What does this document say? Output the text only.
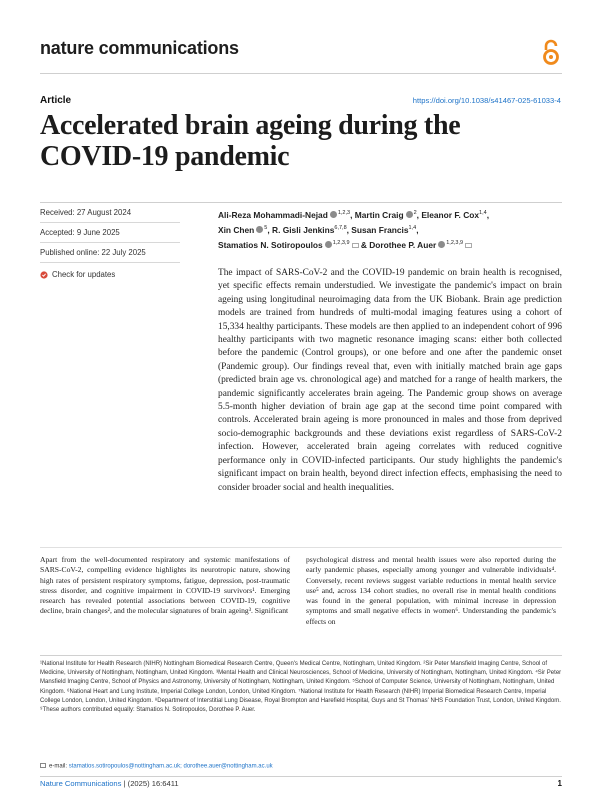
nature communications
Article	https://doi.org/10.1038/s41467-025-61033-4
Accelerated brain ageing during the COVID-19 pandemic
Received: 27 August 2024
Accepted: 9 June 2025
Published online: 22 July 2025
Check for updates
Ali-Reza Mohammadi-Nejad $^{1,2,3}$, Martin Craig $^2$, Eleanor F. Cox$^{1,4}$,
Xin Chen $^5$, R. Gisli Jenkins$^{6,7,8}$, Susan Francis$^{1,4}$,
Stamatios N. Sotiropoulos $^{1,2,3,9}$ & Dorothee P. Auer $^{1,2,3,9}$

The impact of SARS-CoV-2 and the COVID-19 pandemic on brain health is recognised, yet specific effects remain understudied. We investigate the pandemic's impact on brain ageing using longitudinal neuroimaging data from the UK Biobank. Brain age prediction models are trained from hundreds of multi-modal imaging features using a cohort of 15,334 healthy participants. These models are then applied to an independent cohort of 996 healthy participants with two magnetic resonance imaging scans: either both collected before the pandemic (Control groups), or one before and one after the pandemic onset (Pandemic group). Our findings reveal that, even with initially matched brain age gaps (predicted brain age vs. chronological age) and matched for a range of health markers, the pandemic significantly accelerates brain ageing. The Pandemic group shows on average 5.5-month higher deviation of brain age gap at the second time point compared with controls. Accelerated brain ageing is more pronounced in males and those from deprived socio-demographic backgrounds and these deviations exist regardless of SARS-CoV-2 infection. However, accelerated brain ageing correlates with reduced cognitive performance only in COVID-infected participants. Our study highlights the pandemic's significant impact on brain health, beyond direct infection effects, emphasising the need to consider broader social and health inequalities.

Apart from the well-documented respiratory and systemic manifestations of SARS-CoV-2, compelling evidence highlights its neurotropic nature, showing high rates of persistent respiratory symptoms, fatigue, depression, post-traumatic stress disorder, and cognitive impairment in COVID-19 survivors¹. Emerging research has revealed potential associations between COVID-19, cognitive decline, brain changes², and the molecular signatures of brain ageing³. Significant

psychological distress and mental health issues were also reported during the early pandemic phases, especially among younger and vulnerable individuals⁴. Conversely, recent reviews suggest variable reductions in mental health service use⁵ and, across 134 cohort studies, no overall rise in mental health conditions was found in the general population, with minimal increase in depression symptoms and small negative effects in women⁶. Understanding the pandemic's effects on

¹National Institute for Health Research (NIHR) Nottingham Biomedical Research Centre, Queen's Medical Centre, Nottingham, United Kingdom. ²Sir Peter Mansfield Imaging Centre, School of Medicine, University of Nottingham, Nottingham, United Kingdom. ³Mental Health and Clinical Neurosciences, School of Medicine, University of Nottingham, Nottingham, United Kingdom. ⁴Sir Peter Mansfield Imaging Centre, School of Physics and Astronomy, University of Nottingham, Nottingham, United Kingdom. ⁵School of Computer Science, University of Nottingham, Nottingham, United Kingdom. ⁶National Heart and Lung Institute, Imperial College London, London, United Kingdom. ⁷National Institute for Health Research (NIHR) Imperial Biomedical Research Centre, Imperial College London, London, United Kingdom. ⁸Department of Interstitial Lung Disease, Royal Brompton and Harefield Hospital, Guys and St Thomas' NHS Foundation Trust, London, United Kingdom. ⁹These authors contributed equally: Stamatios N. Sotiropoulos, Dorothee P. Auer.

e-mail: stamatios.sotiropoulos@nottingham.ac.uk; dorothee.auer@nottingham.ac.uk
Nature Communications | (2025) 16:6411	1
